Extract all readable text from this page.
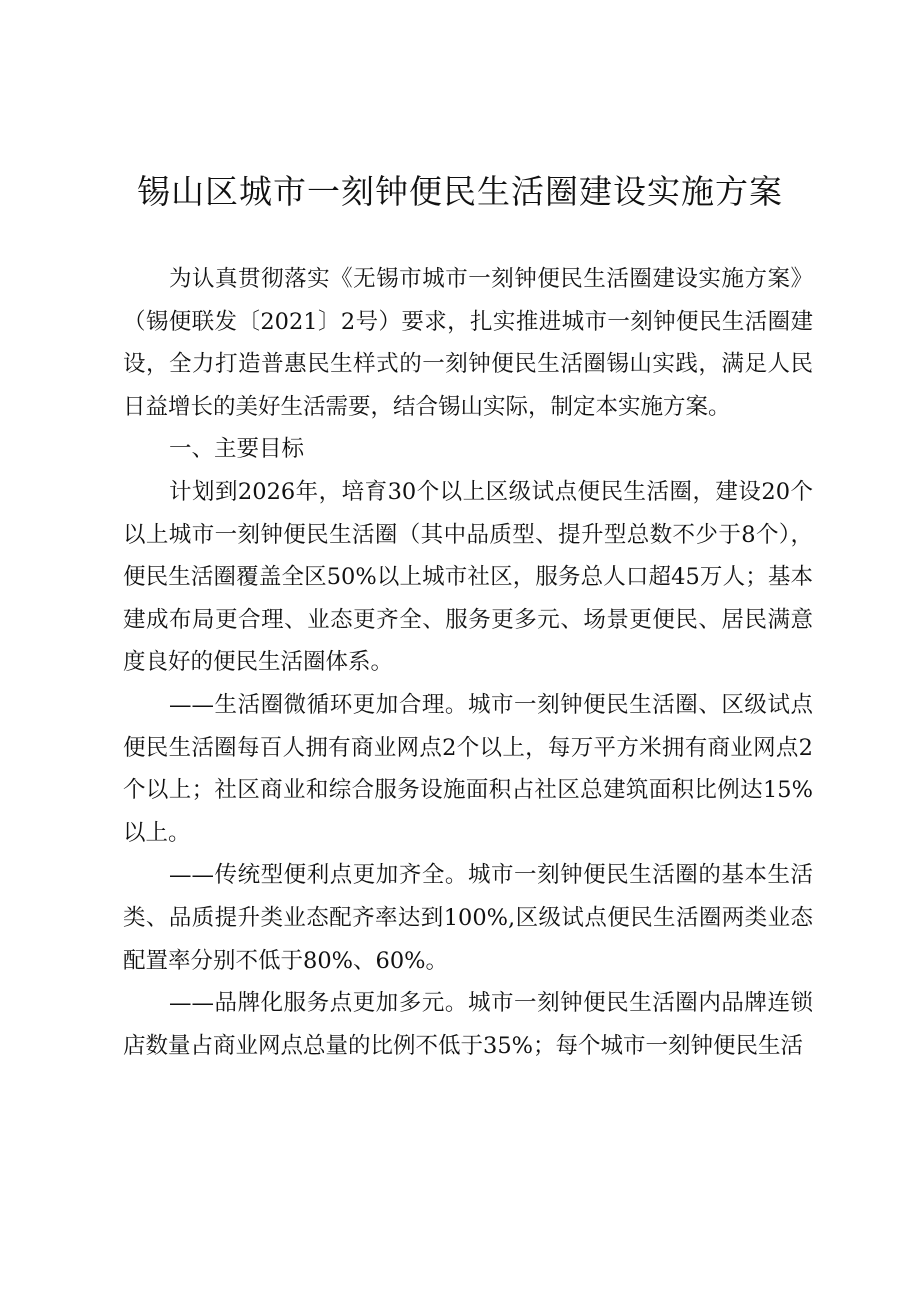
锡山区城市一刻钟便民生活圈建设实施方案

为认真贯彻落实《无锡市城市一刻钟便民生活圈建设实施方案》（锡便联发〔2021〕2号）要求，扎实推进城市一刻钟便民生活圈建设，全力打造普惠民生样式的一刻钟便民生活圈锡山实践，满足人民日益增长的美好生活需要，结合锡山实际，制定本实施方案。

一、主要目标

计划到2026年，培育30个以上区级试点便民生活圈，建设20个以上城市一刻钟便民生活圈（其中品质型、提升型总数不少于8个），便民生活圈覆盖全区50%以上城市社区，服务总人口超45万人；基本建成布局更合理、业态更齐全、服务更多元、场景更便民、居民满意度良好的便民生活圈体系。

——生活圈微循环更加合理。城市一刻钟便民生活圈、区级试点便民生活圈每百人拥有商业网点2个以上，每万平方米拥有商业网点2个以上；社区商业和综合服务设施面积占社区总建筑面积比例达15%以上。

——传统型便利点更加齐全。城市一刻钟便民生活圈的基本生活类、品质提升类业态配齐率达到100%,区级试点便民生活圈两类业态配置率分别不低于80%、60%。

——品牌化服务点更加多元。城市一刻钟便民生活圈内品牌连锁店数量占商业网点总量的比例不低于35%；每个城市一刻钟便民生活
